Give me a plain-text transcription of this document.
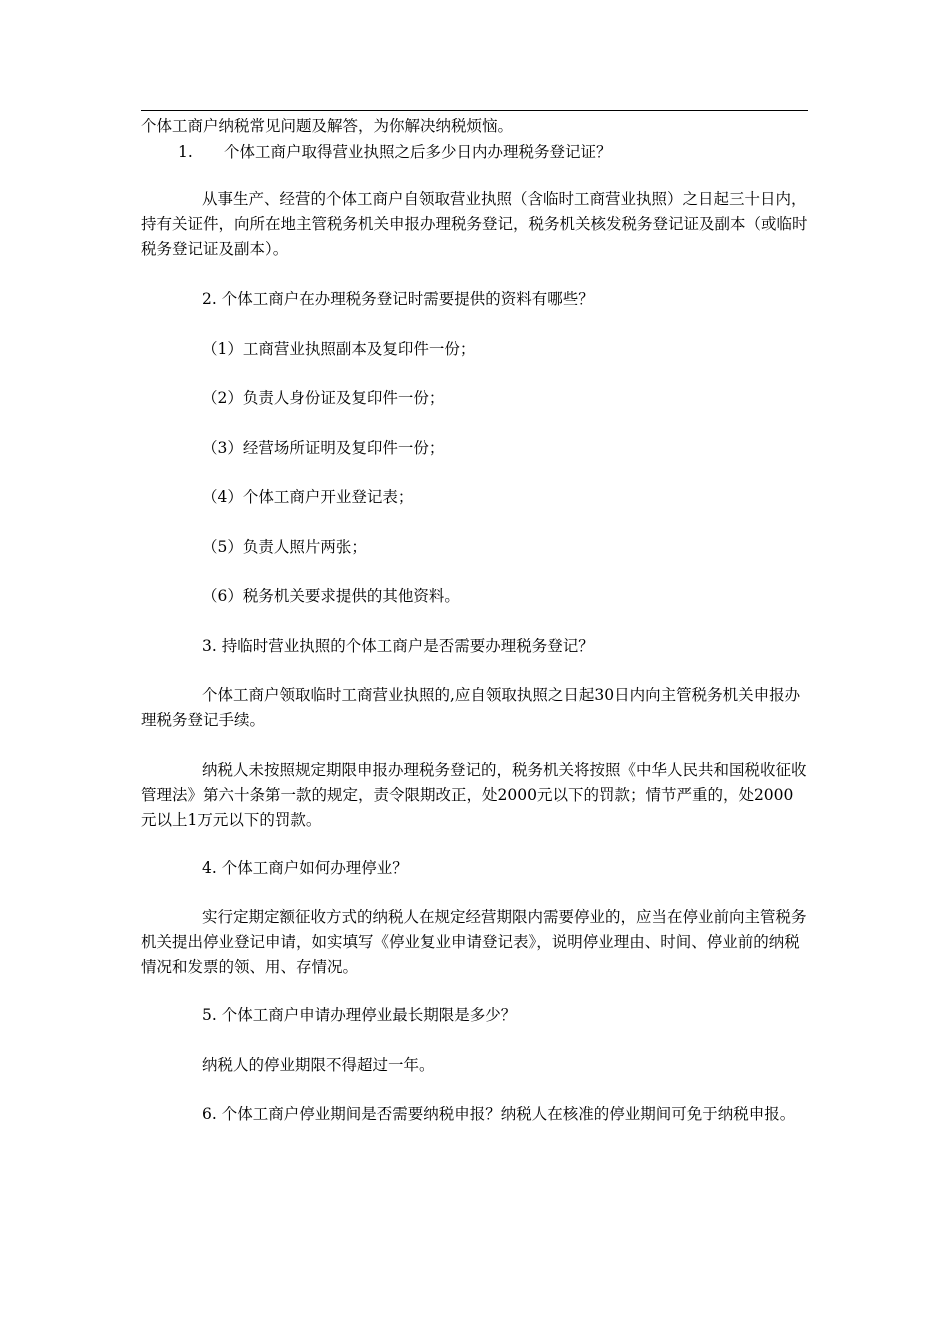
个体工商户纳税常见问题及解答，为你解决纳税烦恼。

1. 个体工商户取得营业执照之后多少日内办理税务登记证？

从事生产、经营的个体工商户自领取营业执照（含临时工商营业执照）之日起三十日内，持有关证件，向所在地主管税务机关申报办理税务登记，税务机关核发税务登记证及副本（或临时税务登记证及副本）。

2. 个体工商户在办理税务登记时需要提供的资料有哪些？

（1）工商营业执照副本及复印件一份；

（2）负责人身份证及复印件一份；

（3）经营场所证明及复印件一份；

（4）个体工商户开业登记表；

（5）负责人照片两张；

（6）税务机关要求提供的其他资料。

3. 持临时营业执照的个体工商户是否需要办理税务登记？

个体工商户领取临时工商营业执照的,应自领取执照之日起30日内向主管税务机关申报办理税务登记手续。

纳税人未按照规定期限申报办理税务登记的，税务机关将按照《中华人民共和国税收征收管理法》第六十条第一款的规定，责令限期改正，处2000元以下的罚款；情节严重的，处2000元以上1万元以下的罚款。

4. 个体工商户如何办理停业？

实行定期定额征收方式的纳税人在规定经营期限内需要停业的，应当在停业前向主管税务机关提出停业登记申请，如实填写《停业复业申请登记表》，说明停业理由、时间、停业前的纳税情况和发票的领、用、存情况。

5. 个体工商户申请办理停业最长期限是多少？

纳税人的停业期限不得超过一年。

6. 个体工商户停业期间是否需要纳税申报？纳税人在核准的停业期间可免于纳税申报。
